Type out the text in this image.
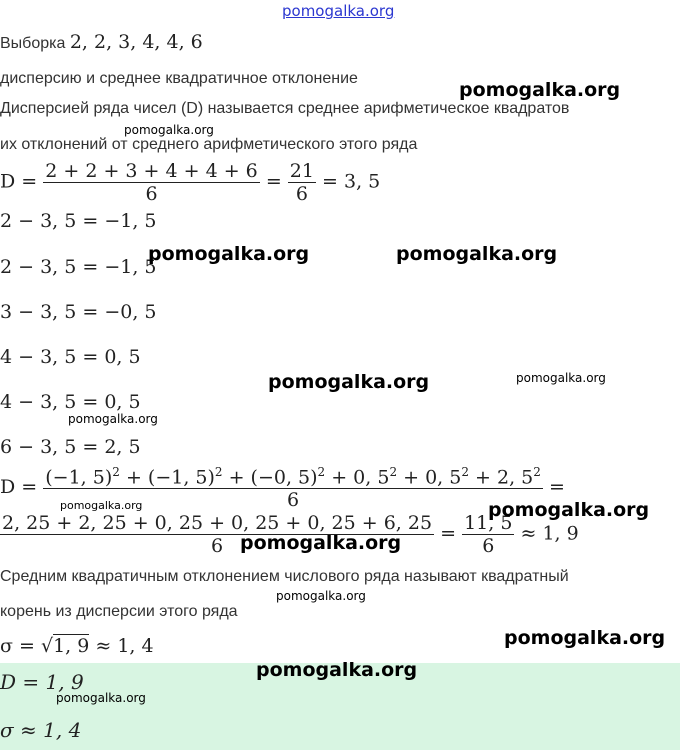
pomogalka.org
Выборка 2, 2, 3, 4, 4, 6
дисперсию и среднее квадратичное отклонение
Дисперсией ряда чисел (D) называется среднее арифметическое квадратов
их отклонений от среднего арифметического этого ряда
$D = \frac{2 + 2 + 3 + 4 + 4 + 6}{6} = \frac{21}{6} = 3$, 5
2 − 3, 5 = −1, 5
2 − 3, 5 = −1, 5
3 − 3, 5 = −0, 5
4 − 3, 5 = 0, 5
4 − 3, 5 = 0, 5
6 − 3, 5 = 2, 5
$D = \frac{(-1, 5)^2 + (-1, 5)^2 + (-0, 5)^2 + 0, 5^2 + 0, 5^2 + 2, 5^2}{6}$ =
$\frac{2, 25 + 2, 25 + 0, 25 + 0, 25 + 0, 25 + 6, 25}{6} = \frac{11, 5}{6} \approx 1$, 9
Средним квадратичным отклонением числового ряда называют квадратный
корень из дисперсии этого ряда
σ = √1, 9 ≈ 1, 4
D = 1, 9
σ ≈ 1, 4
pomogalka.org
pomogalka.org
pomogalka.org	pomogalka.org
pomogalka.org	pomogalka.org
pomogalka.org
pomogalka.org	pomogalka.org
pomogalka.org
pomogalka.org
pomogalka.org
pomogalka.org
pomogalka.org
